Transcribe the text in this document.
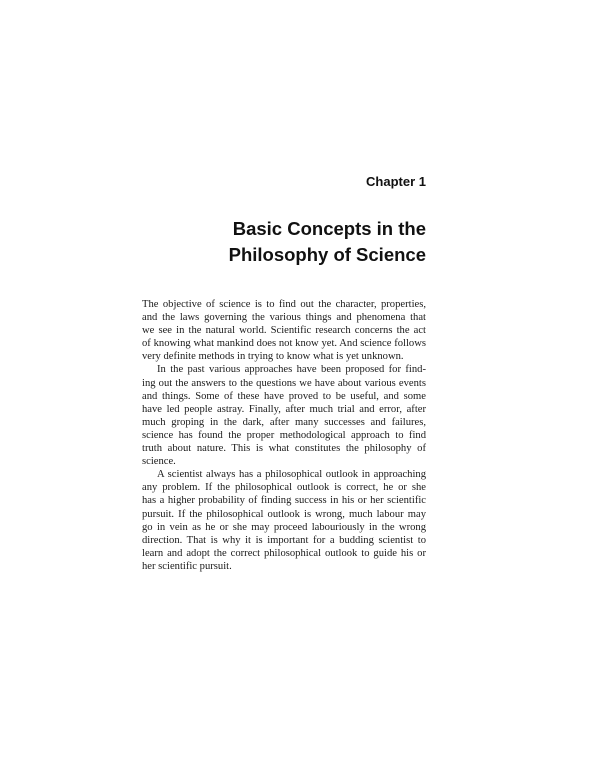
Chapter 1
Basic Concepts in the
Philosophy of Science
The objective of science is to find out the character, properties,
and the laws governing the various things and phenomena that
we see in the natural world. Scientific research concerns the act
of knowing what mankind does not know yet. And science follows
very definite methods in trying to know what is yet unknown.
In the past various approaches have been proposed for find-
ing out the answers to the questions we have about various events
and things. Some of these have proved to be useful, and some
have led people astray. Finally, after much trial and error, after
much groping in the dark, after many successes and failures,
science has found the proper methodological approach to find
truth about nature. This is what constitutes the philosophy of
science.
A scientist always has a philosophical outlook in approaching
any problem. If the philosophical outlook is correct, he or she
has a higher probability of finding success in his or her scientific
pursuit. If the philosophical outlook is wrong, much labour may
go in vein as he or she may proceed labouriously in the wrong
direction. That is why it is important for a budding scientist to
learn and adopt the correct philosophical outlook to guide his or
her scientific pursuit.
